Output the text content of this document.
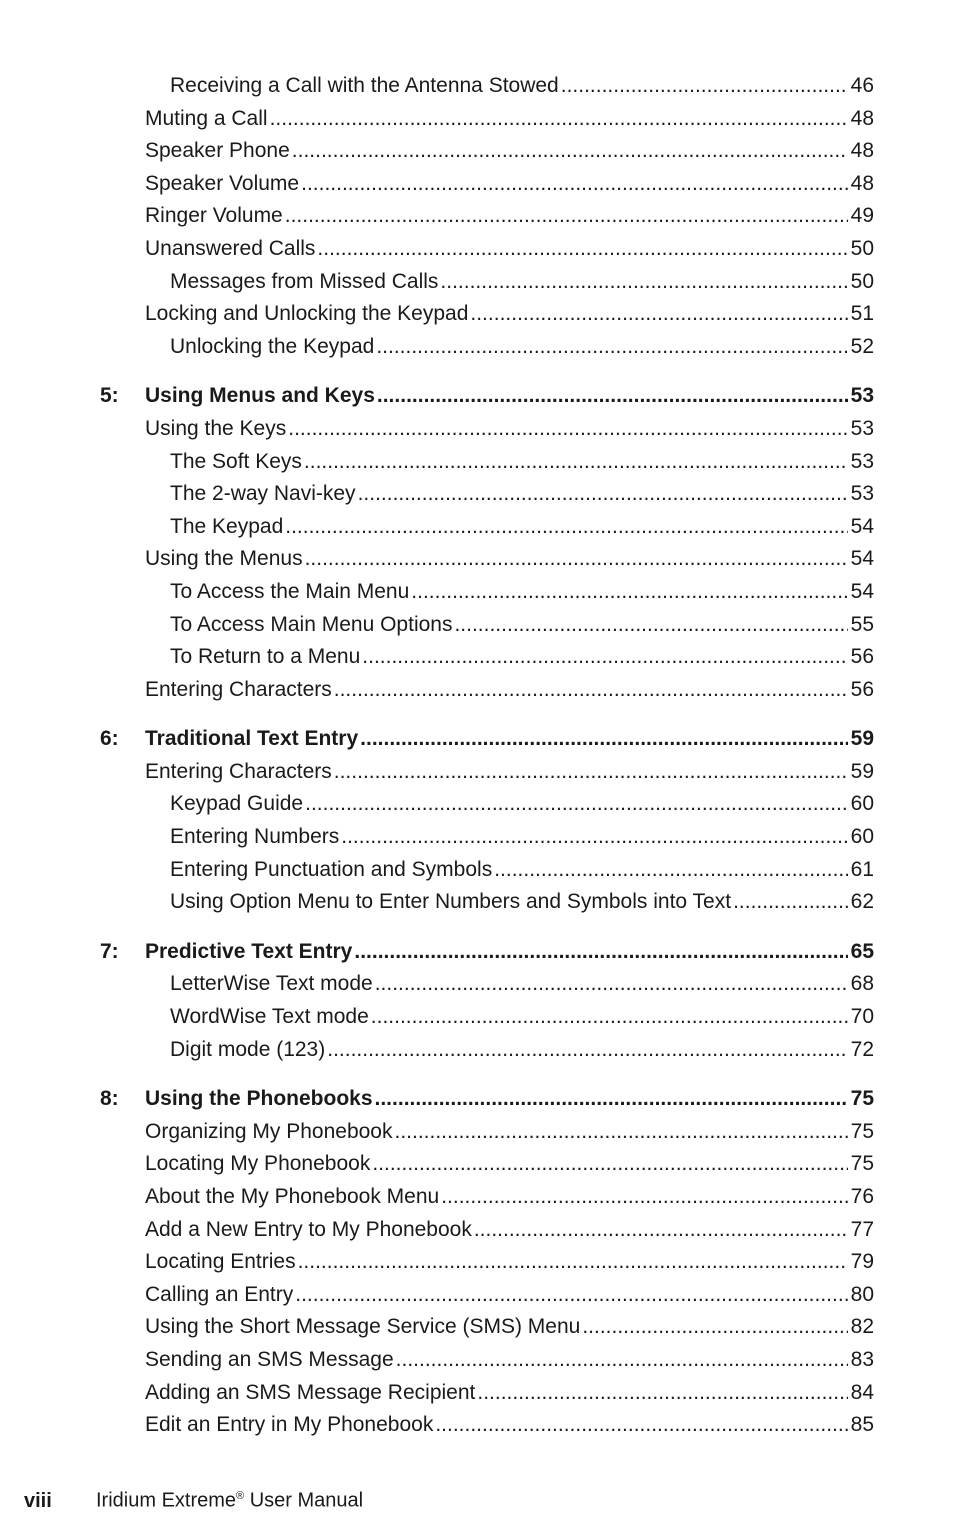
Receiving a Call with the Antenna Stowed .....	46
Muting a Call .....	48
Speaker Phone .....	48
Speaker Volume .....	48
Ringer Volume .....	49
Unanswered Calls .....	50
Messages from Missed Calls .....	50
Locking and Unlocking the Keypad .....	51
Unlocking the Keypad .....	52
5: Using Menus and Keys .....	53
Using the Keys .....	53
The Soft Keys .....	53
The 2-way Navi-key .....	53
The Keypad .....	54
Using the Menus .....	54
To Access the Main Menu .....	54
To Access Main Menu Options .....	55
To Return to a Menu .....	56
Entering Characters .....	56
6: Traditional Text Entry .....	59
Entering Characters .....	59
Keypad Guide .....	60
Entering Numbers .....	60
Entering Punctuation and Symbols .....	61
Using Option Menu to Enter Numbers and Symbols into Text .....	62
7: Predictive Text Entry .....	65
LetterWise Text mode .....	68
WordWise Text mode .....	70
Digit mode (123) .....	72
8: Using the Phonebooks .....	75
Organizing My Phonebook .....	75
Locating My Phonebook .....	75
About the My Phonebook Menu .....	76
Add a New Entry to My Phonebook .....	77
Locating Entries .....	79
Calling an Entry .....	80
Using the Short Message Service (SMS) Menu .....	82
Sending an SMS Message .....	83
Adding an SMS Message Recipient .....	84
Edit an Entry in My Phonebook .....	85
viii Iridium Extreme® User Manual
